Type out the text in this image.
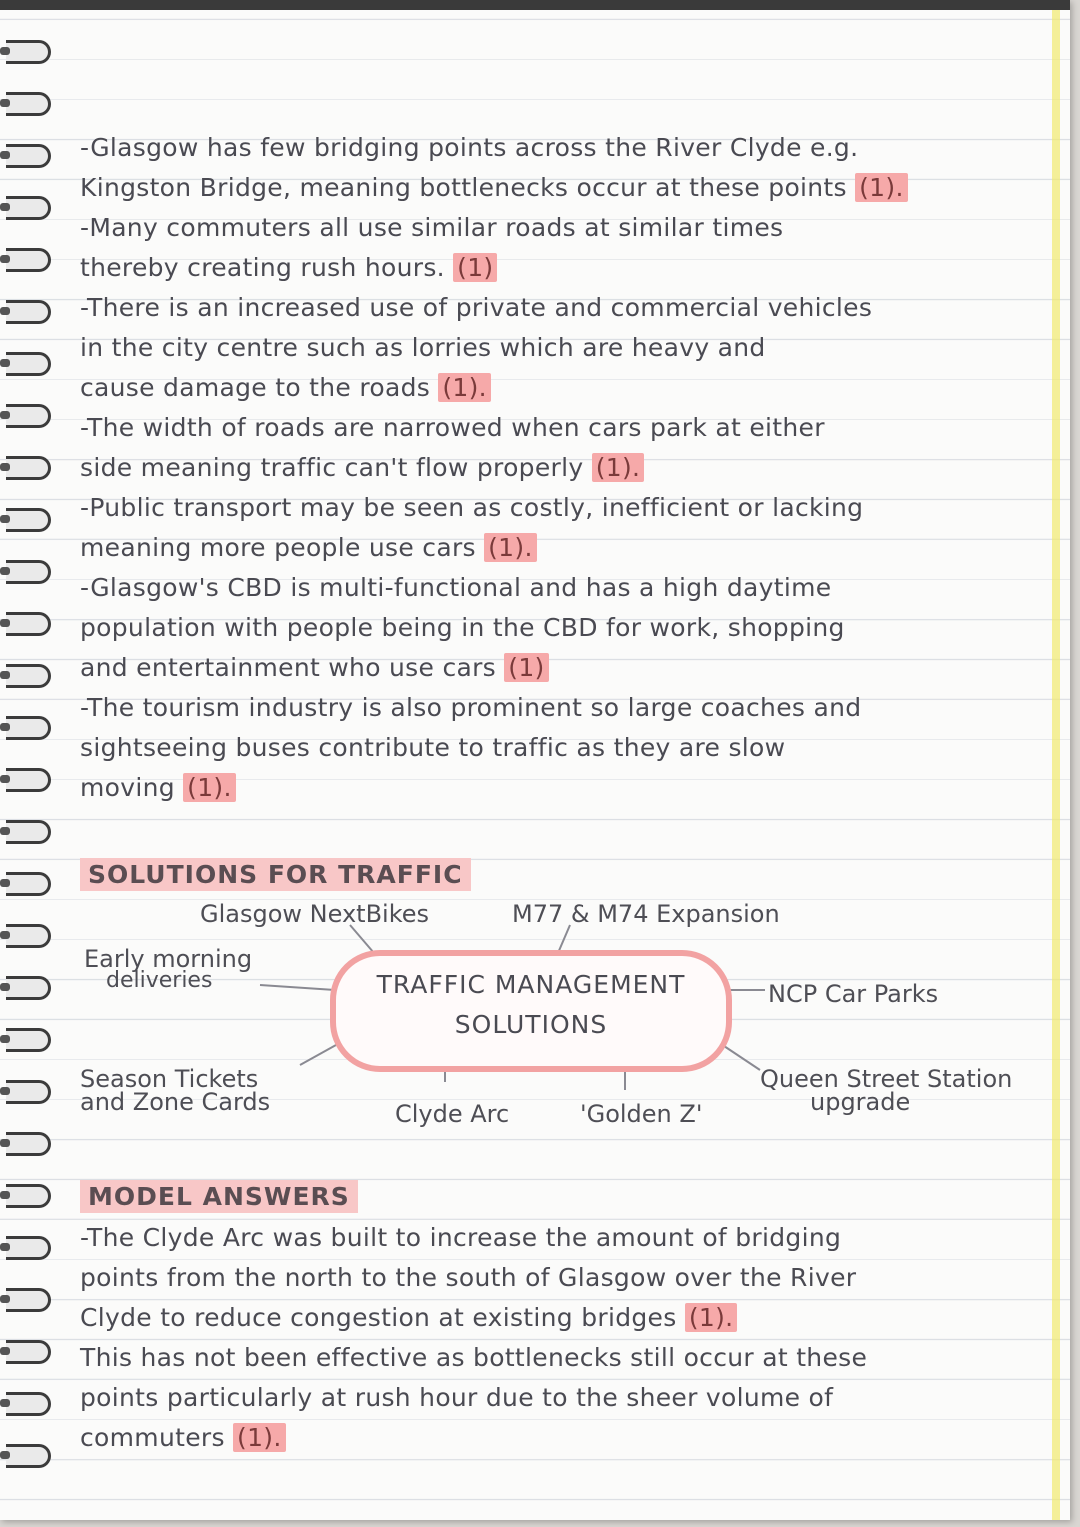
-Glasgow has few bridging points across the River Clyde e.g.

Kingston Bridge, meaning bottlenecks occur at these points (1).

-Many commuters all use similar roads at similar times

thereby creating rush hours. (1)

-There is an increased use of private and commercial vehicles

in the city centre such as lorries which are heavy and

cause damage to the roads (1).

-The width of roads are narrowed when cars park at either

side meaning traffic can't flow properly (1).

-Public transport may be seen as costly, inefficient or lacking

meaning more people use cars (1).

-Glasgow's CBD is multi-functional and has a high daytime

population with people being in the CBD for work, shopping

and entertainment who use cars (1)

-The tourism industry is also prominent so large coaches and

sightseeing buses contribute to traffic as they are slow

moving (1).

SOLUTIONS FOR TRAFFIC
TRAFFIC MANAGEMENT
SOLUTIONS
Glasgow NextBikes	M77 & M74 Expansion
Early morning
deliveries	NCP Car Parks
Season Tickets
and Zone Cards	Clyde Arc	'Golden Z'
Queen Street Station
upgrade
MODEL ANSWERS

-The Clyde Arc was built to increase the amount of bridging

points from the north to the south of Glasgow over the River

Clyde to reduce congestion at existing bridges (1).

This has not been effective as bottlenecks still occur at these

points particularly at rush hour due to the sheer volume of

commuters (1).
